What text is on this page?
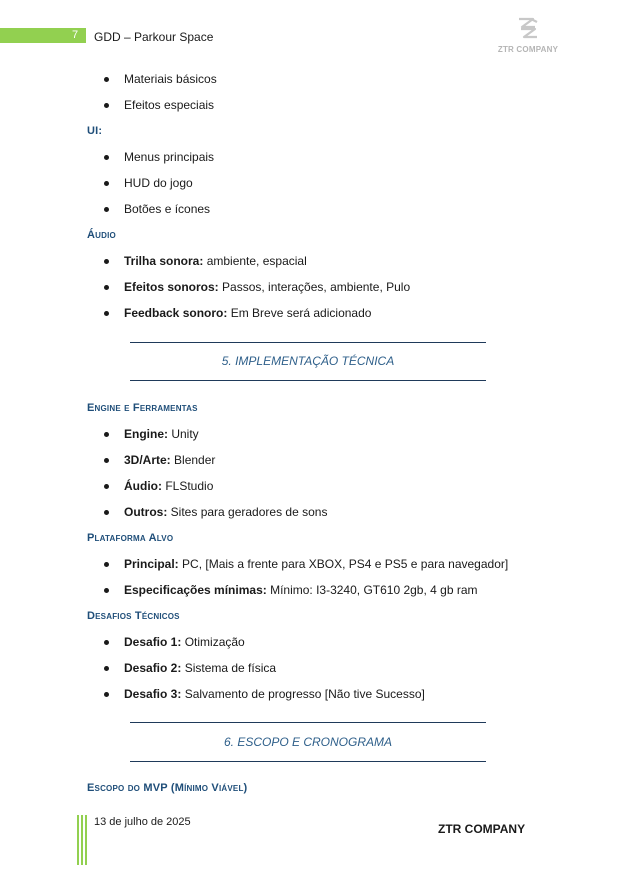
7 GDD – Parkour Space
ZTR COMPANY
Materiais básicos
Efeitos especiais
UI:
Menus principais
HUD do jogo
Botões e ícones
Áudio
Trilha sonora: ambiente, espacial
Efeitos sonoros: Passos, interações, ambiente, Pulo
Feedback sonoro: Em Breve será adicionado
5. IMPLEMENTAÇÃO TÉCNICA
Engine e Ferramentas
Engine: Unity
3D/Arte: Blender
Áudio: FLStudio
Outros: Sites para geradores de sons
Plataforma Alvo
Principal: PC, [Mais a frente para XBOX, PS4 e PS5 e para navegador]
Especificações mínimas: Mínimo: I3-3240, GT610 2gb, 4 gb ram
Desafios Técnicos
Desafio 1: Otimização
Desafio 2: Sistema de física
Desafio 3: Salvamento de progresso [Não tive Sucesso]
6. ESCOPO E CRONOGRAMA
Escopo do MVP (Mínimo Viável)
13 de julho de 2025	ZTR COMPANY
